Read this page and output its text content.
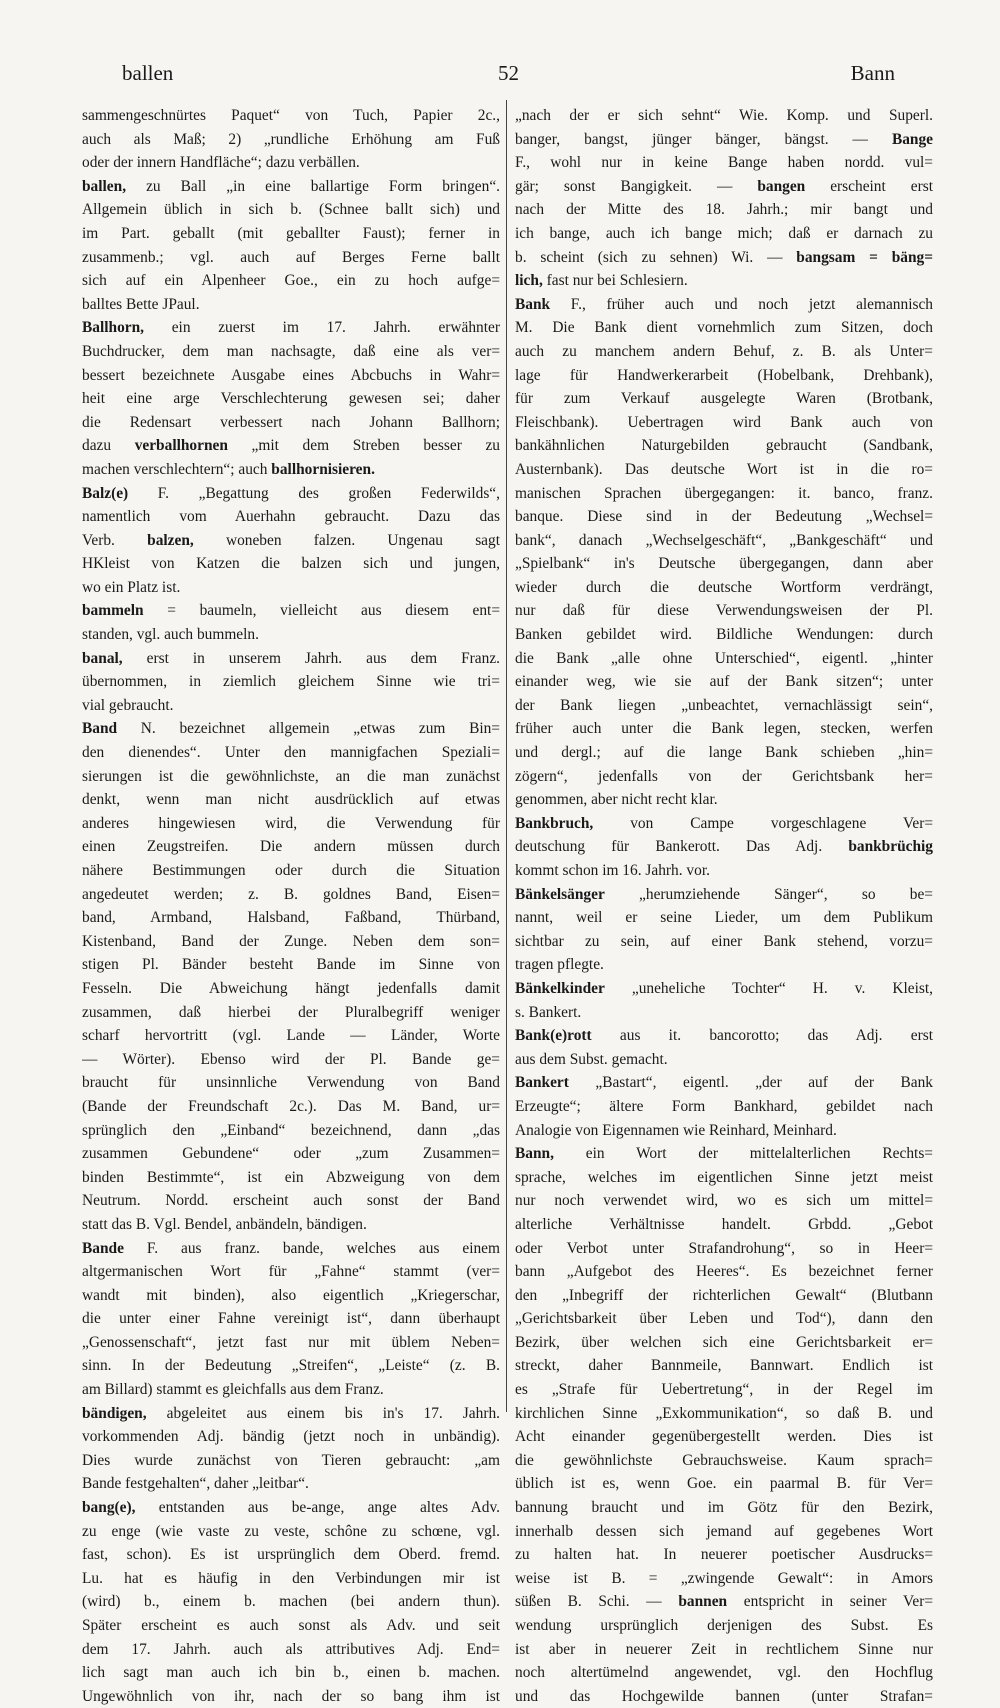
ballen	52	Bann
sammengeschnürtes Paquet“ von Tuch, Papier 2c.,
auch als Maß; 2) „rundliche Erhöhung am Fuß
oder der innern Handfläche“; dazu verbällen.
ballen, zu Ball „in eine ballartige Form bringen“.
Allgemein üblich in sich b. (Schnee ballt sich) und
im Part. geballt (mit geballter Faust); ferner in
zusammenb.; vgl. auch auf Berges Ferne ballt
sich auf ein Alpenheer Goe., ein zu hoch aufge=
balltes Bette JPaul.
Ballhorn, ein zuerst im 17. Jahrh. erwähnter
Buchdrucker, dem man nachsagte, daß eine als ver=
bessert bezeichnete Ausgabe eines Abcbuchs in Wahr=
heit eine arge Verschlechterung gewesen sei; daher
die Redensart verbessert nach Johann Ballhorn;
dazu verballhornen „mit dem Streben besser zu
machen verschlechtern“; auch ballhornisieren.
Balz(e) F. „Begattung des großen Federwilds“,
namentlich vom Auerhahn gebraucht. Dazu das
Verb. balzen, woneben falzen. Ungenau sagt
HKleist von Katzen die balzen sich und jungen,
wo ein Platz ist.
bammeln = baumeln, vielleicht aus diesem ent=
standen, vgl. auch bummeln.
banal, erst in unserem Jahrh. aus dem Franz.
übernommen, in ziemlich gleichem Sinne wie tri=
vial gebraucht.
Band N. bezeichnet allgemein „etwas zum Bin=
den dienendes“. Unter den mannigfachen Speziali=
sierungen ist die gewöhnlichste, an die man zunächst
denkt, wenn man nicht ausdrücklich auf etwas
anderes hingewiesen wird, die Verwendung für
einen Zeugstreifen. Die andern müssen durch
nähere Bestimmungen oder durch die Situation
angedeutet werden; z. B. goldnes Band, Eisen=
band, Armband, Halsband, Faßband, Thürband,
Kistenband, Band der Zunge. Neben dem son=
stigen Pl. Bänder besteht Bande im Sinne von
Fesseln. Die Abweichung hängt jedenfalls damit
zusammen, daß hierbei der Pluralbegriff weniger
scharf hervortritt (vgl. Lande — Länder, Worte
— Wörter). Ebenso wird der Pl. Bande ge=
braucht für unsinnliche Verwendung von Band
(Bande der Freundschaft 2c.). Das M. Band, ur=
sprünglich den „Einband“ bezeichnend, dann „das
zusammen Gebundene“ oder „zum Zusammen=
binden Bestimmte“, ist ein Abzweigung von dem
Neutrum. Nordd. erscheint auch sonst der Band
statt das B. Vgl. Bendel, anbändeln, bändigen.
Bande F. aus franz. bande, welches aus einem
altgermanischen Wort für „Fahne“ stammt (ver=
wandt mit binden), also eigentlich „Kriegerschar,
die unter einer Fahne vereinigt ist“, dann überhaupt
„Genossenschaft“, jetzt fast nur mit üblem Neben=
sinn. In der Bedeutung „Streifen“, „Leiste“ (z. B.
am Billard) stammt es gleichfalls aus dem Franz.
bändigen, abgeleitet aus einem bis in's 17. Jahrh.
vorkommenden Adj. bändig (jetzt noch in unbändig).
Dies wurde zunächst von Tieren gebraucht: „am
Bande festgehalten“, daher „leitbar“.
bang(e), entstanden aus be-ange, ange altes Adv.
zu enge (wie vaste zu veste, schône zu schœne, vgl.
fast, schon). Es ist ursprünglich dem Oberd. fremd.
Lu. hat es häufig in den Verbindungen mir ist
(wird) b., einem b. machen (bei andern thun).
Später erscheint es auch sonst als Adv. und seit
dem 17. Jahrh. auch als attributives Adj. End=
lich sagt man auch ich bin b., einen b. machen.
Ungewöhnlich von ihr, nach der so bang ihm ist
„nach der er sich sehnt“ Wie. Komp. und Superl.
banger, bangst, jünger bänger, bängst. — Bange
F., wohl nur in keine Bange haben nordd. vul=
gär; sonst Bangigkeit. — bangen erscheint erst
nach der Mitte des 18. Jahrh.; mir bangt und
ich bange, auch ich bange mich; daß er darnach zu
b. scheint (sich zu sehnen) Wi. — bangsam = bäng=
lich, fast nur bei Schlesiern.
Bank F., früher auch und noch jetzt alemannisch
M. Die Bank dient vornehmlich zum Sitzen, doch
auch zu manchem andern Behuf, z. B. als Unter=
lage für Handwerkerarbeit (Hobelbank, Drehbank),
für zum Verkauf ausgelegte Waren (Brotbank,
Fleischbank). Uebertragen wird Bank auch von
bankähnlichen Naturgebilden gebraucht (Sandbank,
Austernbank). Das deutsche Wort ist in die ro=
manischen Sprachen übergegangen: it. banco, franz.
banque. Diese sind in der Bedeutung „Wechsel=
bank“, danach „Wechselgeschäft“, „Bankgeschäft“ und
„Spielbank“ in's Deutsche übergegangen, dann aber
wieder durch die deutsche Wortform verdrängt,
nur daß für diese Verwendungsweisen der Pl.
Banken gebildet wird. Bildliche Wendungen: durch
die Bank „alle ohne Unterschied“, eigentl. „hinter
einander weg, wie sie auf der Bank sitzen“; unter
der Bank liegen „unbeachtet, vernachlässigt sein“,
früher auch unter die Bank legen, stecken, werfen
und dergl.; auf die lange Bank schieben „hin=
zögern“, jedenfalls von der Gerichtsbank her=
genommen, aber nicht recht klar.
Bankbruch, von Campe vorgeschlagene Ver=
deutschung für Bankerott. Das Adj. bankbrüchig
kommt schon im 16. Jahrh. vor.
Bänkelsänger „herumziehende Sänger“, so be=
nannt, weil er seine Lieder, um dem Publikum
sichtbar zu sein, auf einer Bank stehend, vorzu=
tragen pflegte.
Bänkelkinder „uneheliche Tochter“ H. v. Kleist,
s. Bankert.
Bank(e)rott aus it. bancorotto; das Adj. erst
aus dem Subst. gemacht.
Bankert „Bastart“, eigentl. „der auf der Bank
Erzeugte“; ältere Form Bankhard, gebildet nach
Analogie von Eigennamen wie Reinhard, Meinhard.
Bann, ein Wort der mittelalterlichen Rechts=
sprache, welches im eigentlichen Sinne jetzt meist
nur noch verwendet wird, wo es sich um mittel=
alterliche Verhältnisse handelt. Grbdd. „Gebot
oder Verbot unter Strafandrohung“, so in Heer=
bann „Aufgebot des Heeres“. Es bezeichnet ferner
den „Inbegriff der richterlichen Gewalt“ (Blutbann
„Gerichtsbarkeit über Leben und Tod“), dann den
Bezirk, über welchen sich eine Gerichtsbarkeit er=
streckt, daher Bannmeile, Bannwart. Endlich ist
es „Strafe für Uebertretung“, in der Regel im
kirchlichen Sinne „Exkommunikation“, so daß B. und
Acht einander gegenübergestellt werden. Dies ist
die gewöhnlichste Gebrauchsweise. Kaum sprach=
üblich ist es, wenn Goe. ein paarmal B. für Ver=
bannung braucht und im Götz für den Bezirk,
innerhalb dessen sich jemand auf gegebenes Wort
zu halten hat. In neuerer poetischer Ausdrucks=
weise ist B. = „zwingende Gewalt“: in Amors
süßen B. Schi. — bannen entspricht in seiner Ver=
wendung ursprünglich derjenigen des Subst. Es
ist aber in neuerer Zeit in rechtlichem Sinne nur
noch altertümelnd angewendet, vgl. den Hochflug
und das Hochgewilde bannen (unter Strafan=
